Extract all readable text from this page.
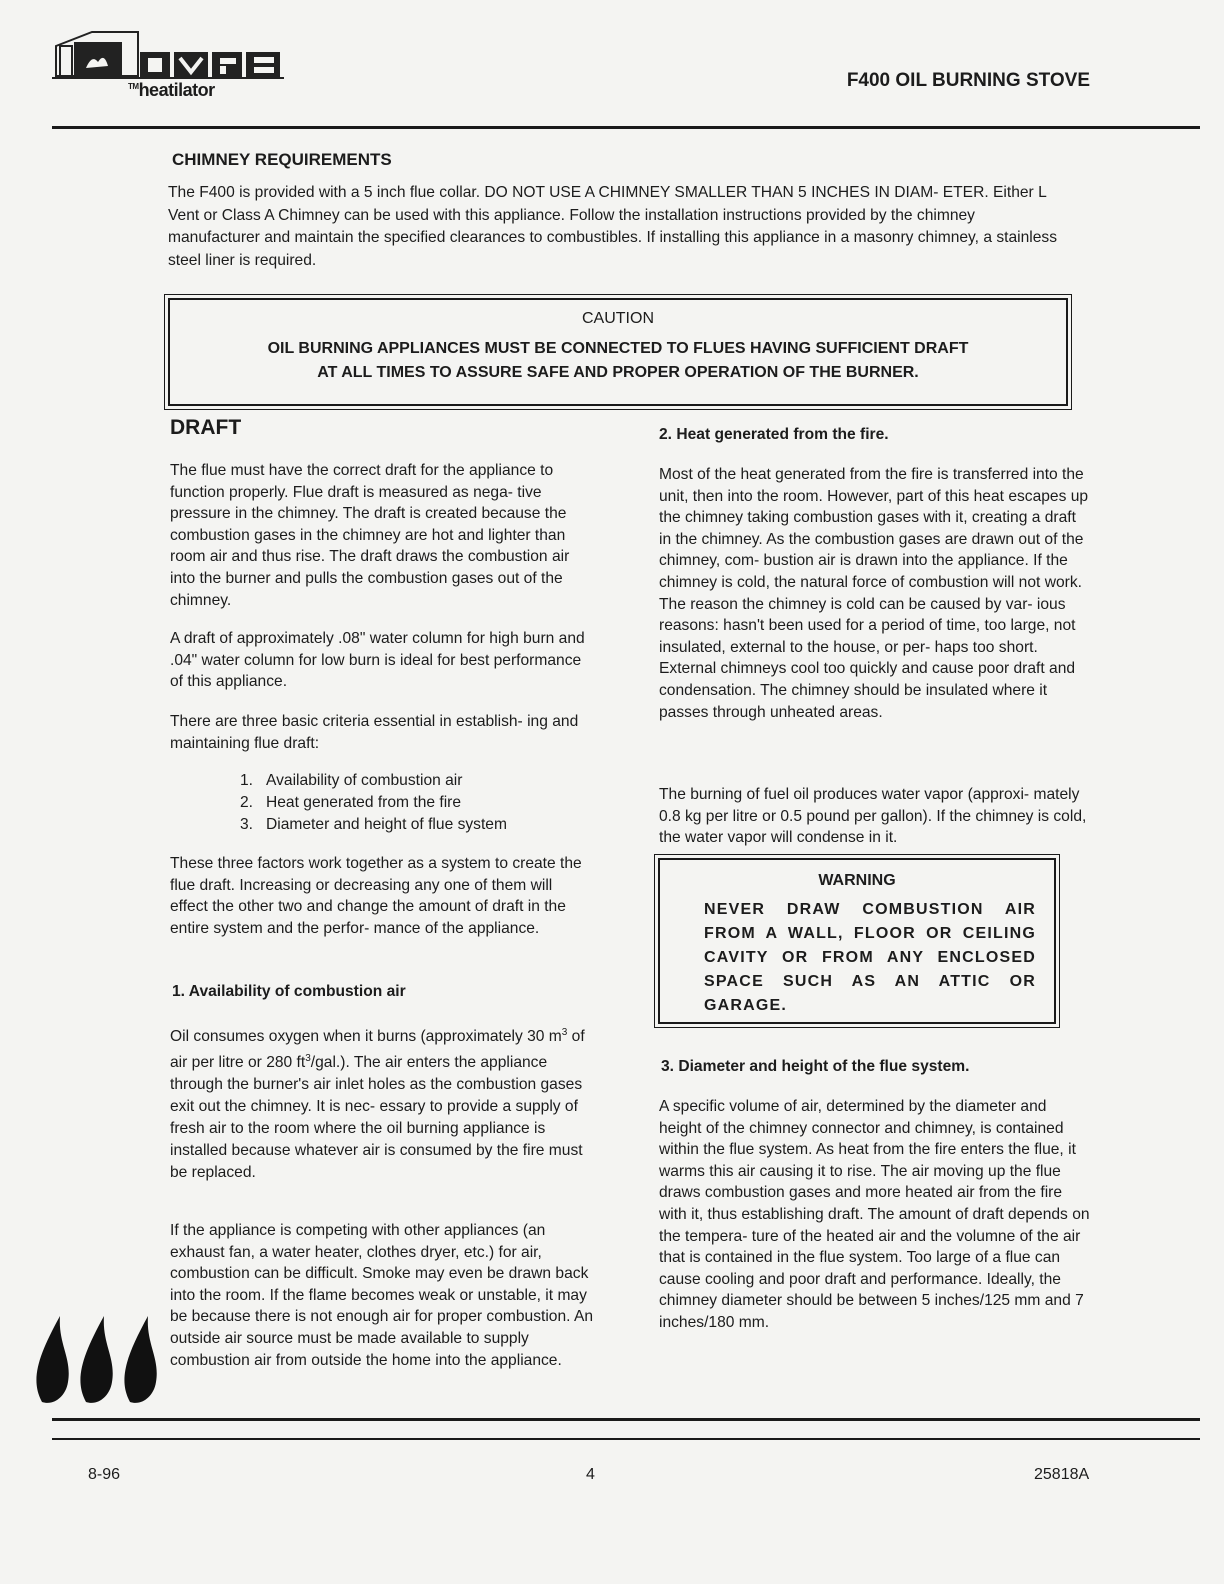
™heatilator	F400 OIL BURNING STOVE
CHIMNEY REQUIREMENTS

The F400 is provided with a 5 inch flue collar. DO NOT USE A CHIMNEY SMALLER THAN 5 INCHES IN DIAM- ETER. Either L Vent or Class A Chimney can be used with this appliance. Follow the installation instructions provided by the chimney manufacturer and maintain the specified clearances to combustibles. If installing this appliance in a masonry chimney, a stainless steel liner is required.

CAUTION
OIL BURNING APPLIANCES MUST BE CONNECTED TO FLUES HAVING SUFFICIENT DRAFT
AT ALL TIMES TO ASSURE SAFE AND PROPER OPERATION OF THE BURNER.
DRAFT

The flue must have the correct draft for the appliance to function properly. Flue draft is measured as nega- tive pressure in the chimney. The draft is created because the combustion gases in the chimney are hot and lighter than room air and thus rise. The draft draws the combustion air into the burner and pulls the combustion gases out of the chimney.

A draft of approximately .08" water column for high burn and .04" water column for low burn is ideal for best performance of this appliance.

There are three basic criteria essential in establish- ing and maintaining flue draft:

1. Availability of combustion air
2. Heat generated from the fire
3. Diameter and height of flue system

These three factors work together as a system to create the flue draft. Increasing or decreasing any one of them will effect the other two and change the amount of draft in the entire system and the perfor- mance of the appliance.

1. Availability of combustion air

Oil consumes oxygen when it burns (approximately 30 $m^3$ of air per litre or 280 $ft^3/gal$.). The air enters the appliance through the burner's air inlet holes as the combustion gases exit out the chimney. It is nec- essary to provide a supply of fresh air to the room where the oil burning appliance is installed because whatever air is consumed by the fire must be replaced.

If the appliance is competing with other appliances (an exhaust fan, a water heater, clothes dryer, etc.) for air, combustion can be difficult. Smoke may even be drawn back into the room. If the flame becomes weak or unstable, it may be because there is not enough air for proper combustion. An outside air source must be made available to supply combustion air from outside the home into the appliance.

2. Heat generated from the fire.

Most of the heat generated from the fire is transferred into the unit, then into the room. However, part of this heat escapes up the chimney taking combustion gases with it, creating a draft in the chimney. As the combustion gases are drawn out of the chimney, com- bustion air is drawn into the appliance. If the chimney is cold, the natural force of combustion will not work. The reason the chimney is cold can be caused by var- ious reasons: hasn't been used for a period of time, too large, not insulated, external to the house, or per- haps too short. External chimneys cool too quickly and cause poor draft and condensation. The chimney should be insulated where it passes through unheated areas.

The burning of fuel oil produces water vapor (approxi- mately 0.8 kg per litre or 0.5 pound per gallon). If the chimney is cold, the water vapor will condense in it.

WARNING
NEVER DRAW COMBUSTION AIR FROM A WALL, FLOOR OR CEILING CAVITY OR FROM ANY ENCLOSED SPACE SUCH AS AN ATTIC OR GARAGE.
3. Diameter and height of the flue system.

A specific volume of air, determined by the diameter and height of the chimney connector and chimney, is contained within the flue system. As heat from the fire enters the flue, it warms this air causing it to rise. The air moving up the flue draws combustion gases and more heated air from the fire with it, thus establishing draft. The amount of draft depends on the tempera- ture of the heated air and the volumne of the air that is contained in the flue system. Too large of a flue can cause cooling and poor draft and performance. Ideally, the chimney diameter should be between 5 inches/125 mm and 7 inches/180 mm.

8-96	4	25818A
